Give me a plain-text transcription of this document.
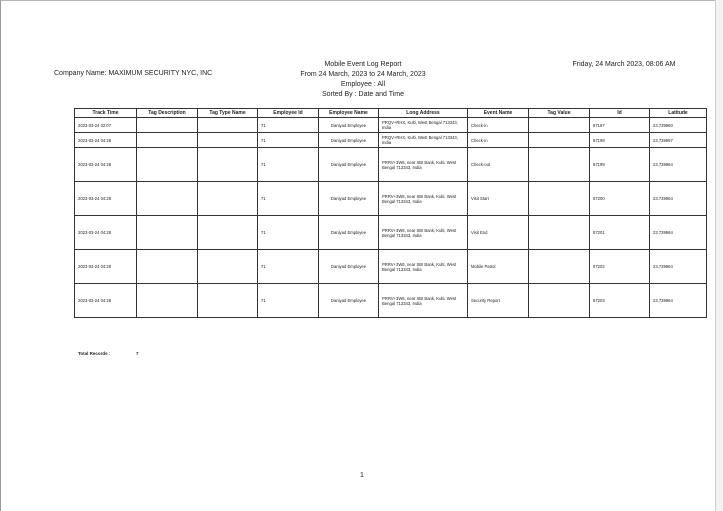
Company Name: MAXIMUM SECURITY NYC, INC
Mobile Event Log Report
From 24 March, 2023 to 24 March, 2023
Employee : All
Sorted By : Date and Time
Friday, 24 March 2023, 08:06 AM
Track Time	Tag Description	Tag Type Name	Employee Id	Employee Name	Long Address	Event Name	Tag Value	Id	Latitude
2023-03-24 02:07			71	Daniyad Employee	PRQV+RHX, Kulti, West Bengal 713343, India	Check-in		87197	23.739960
2023-03-24 04:28			71	Daniyad Employee	PRQV+RHX, Kulti, West Bengal 713343, India	Check-in		87198	23.739957
2023-03-24 04:28			71	Daniyad Employee	PRRV+3W6, near SBI Bank, Kulti, West Bengal 713343, India	Check-out		87199	23.739964
2023-03-24 04:28			71	Daniyad Employee	PRRV+3W6, near SBI Bank, Kulti, West Bengal 713343, India	Visit Start		87200	23.739964
2023-03-24 04:28			71	Daniyad Employee	PRRV+3W6, near SBI Bank, Kulti, West Bengal 713343, India	Visit End		87201	23.739964
2023-03-24 04:28			71	Daniyad Employee	PRRV+3W6, near SBI Bank, Kulti, West Bengal 713343, India	Mobile Patrol		87202	23.739964
2023-03-24 04:28			71	Daniyad Employee	PRRV+3W6, near SBI Bank, Kulti, West Bengal 713343, India	Security Report		87203	23.739964
Total Records :	7
1
